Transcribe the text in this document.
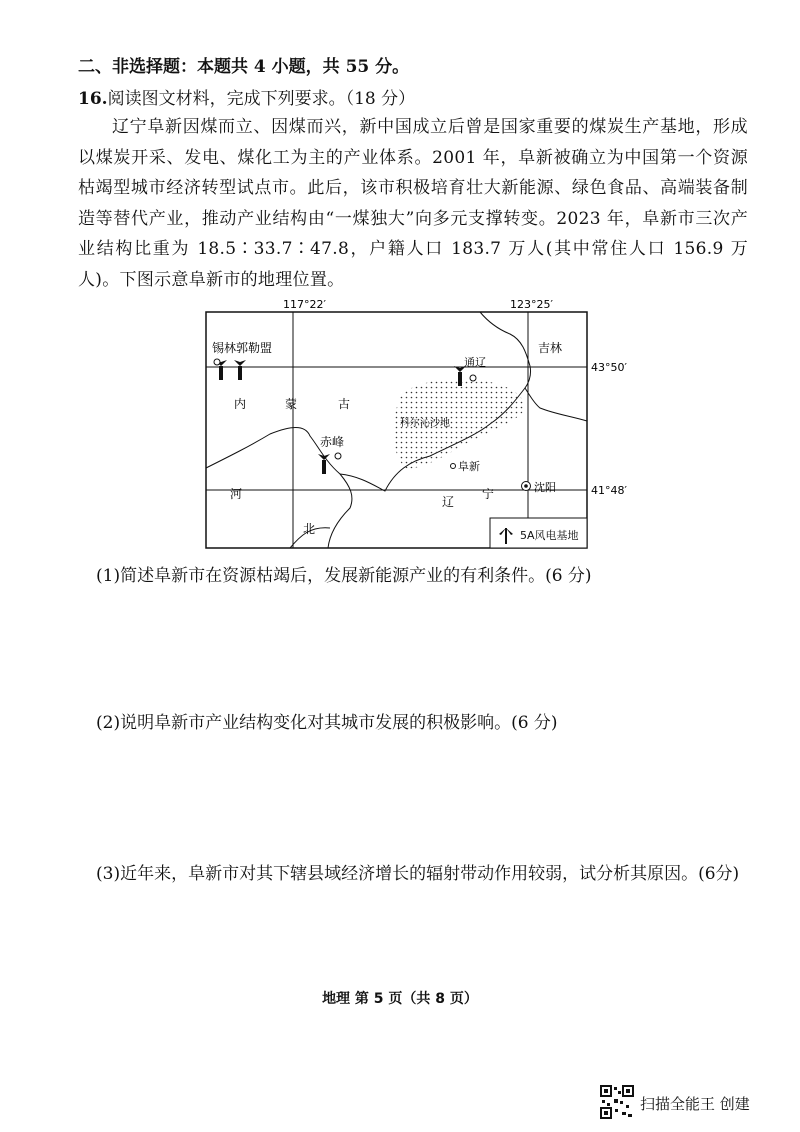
二、非选择题：本题共 4 小题，共 55 分。
16.阅读图文材料，完成下列要求。（18 分）
辽宁阜新因煤而立、因煤而兴，新中国成立后曾是国家重要的煤炭生产基地，形成以煤炭开采、发电、煤化工为主的产业体系。2001 年，阜新被确立为中国第一个资源枯竭型城市经济转型试点市。此后，该市积极培育壮大新能源、绿色食品、高端装备制造等替代产业，推动产业结构由“一煤独大”向多元支撑转变。2023 年，阜新市三次产业结构比重为 18.5∶33.7∶47.8，户籍人口 183.7 万人(其中常住人口 156.9 万人)。下图示意阜新市的地理位置。
5A风电基地
117°22′	123°25′
43°50′
41°48′
锡林郭勒盟
通辽
吉林
赤峰
科尔沁沙地
阜新
沈阳
内	蒙	古
河
北
辽
宁
(1)简述阜新市在资源枯竭后，发展新能源产业的有利条件。(6 分)
(2)说明阜新市产业结构变化对其城市发展的积极影响。(6 分)
(3)近年来，阜新市对其下辖县域经济增长的辐射带动作用较弱，试分析其原因。(6分)
地理 第 5 页（共 8 页）
扫描全能王 创建
